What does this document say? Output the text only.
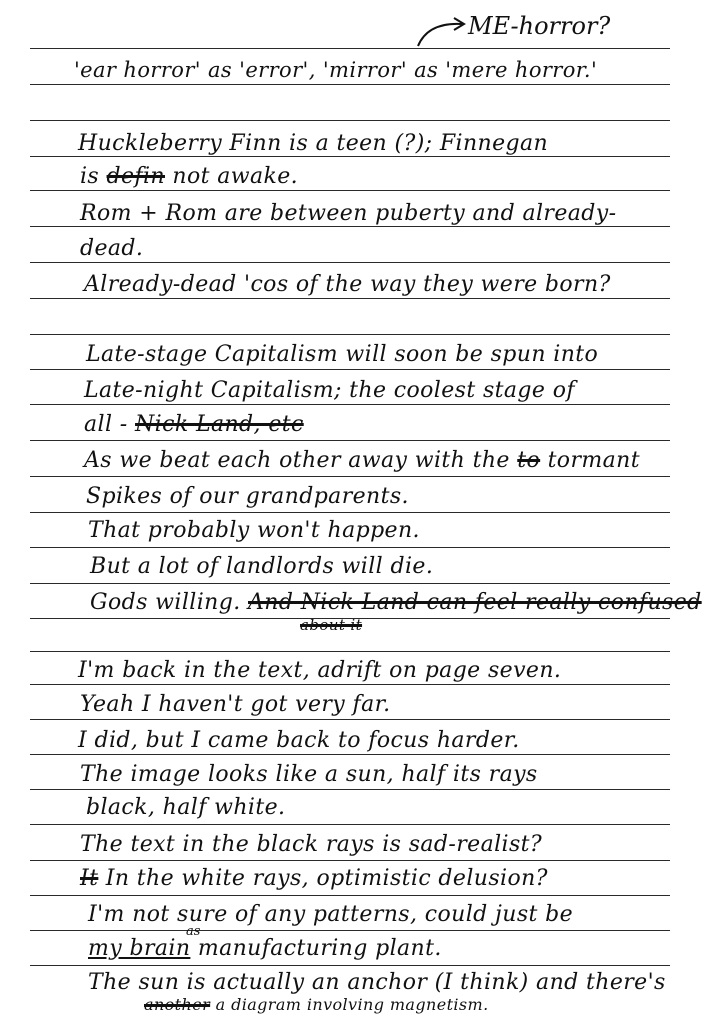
ME-horror?
'ear horror' as 'error', 'mirror' as 'mere horror.'
Huckleberry Finn is a teen (?); Finnegan
is defin not awake.
Rom + Rom are between puberty and already-
dead.
Already-dead 'cos of the way they were born?
Late-stage Capitalism will soon be spun into
Late-night Capitalism; the coolest stage of
all - Nick Land, etc
As we beat each other away with the to tormant
Spikes of our grandparents.
That probably won't happen.
But a lot of landlords will die.
Gods willing. And Nick Land can feel really confused
about it
I'm back in the text, adrift on page seven.
Yeah I haven't got very far.
I did, but I came back to focus harder.
The image looks like a sun, half its rays
black, half white.
The text in the black rays is sad-realist?
It In the white rays, optimistic delusion?
I'm not sure of any patterns, could just be
as
my brain manufacturing plant.
The sun is actually an anchor (I think) and there's
another a diagram involving magnetism.
